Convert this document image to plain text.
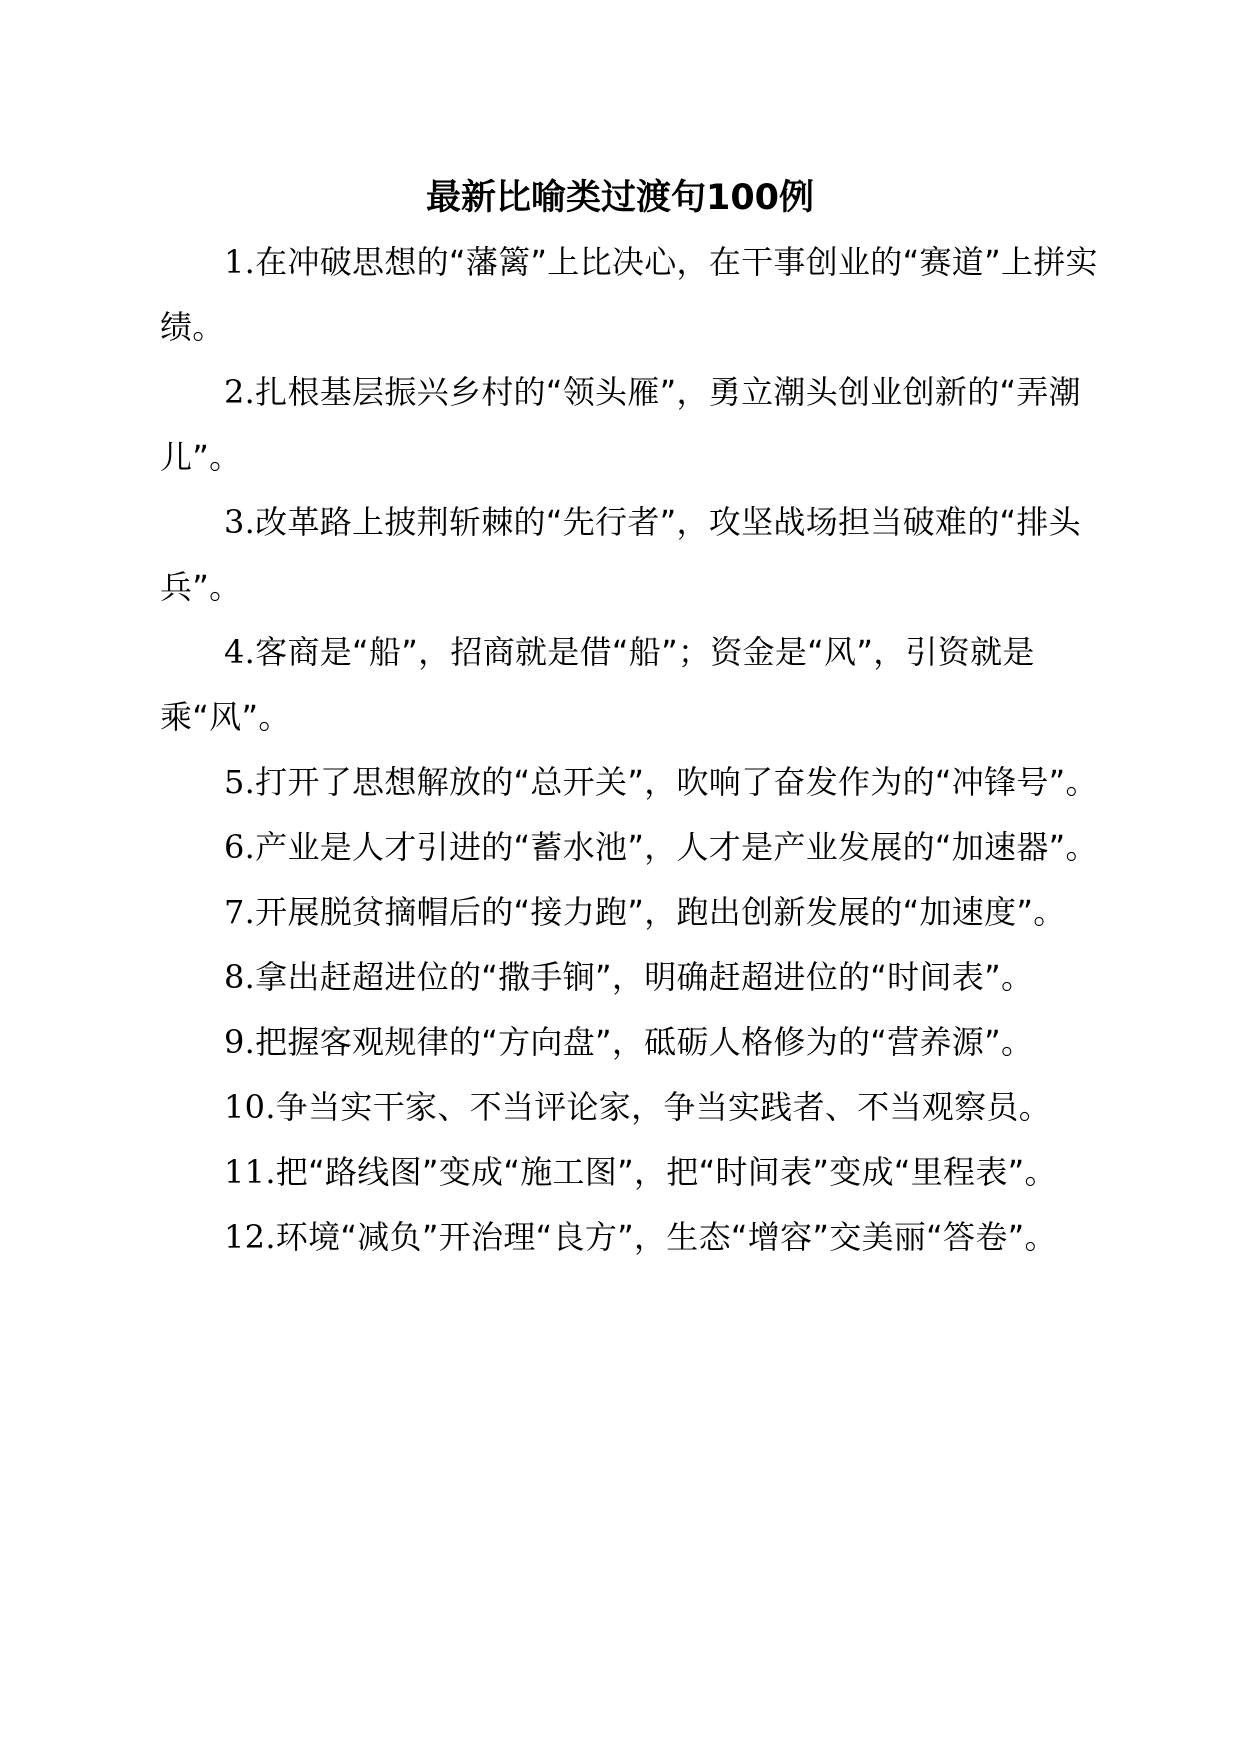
最新比喻类过渡句100例

1.在冲破思想的“藩篱”上比决心，在干事创业的“赛道”上拼实绩。

2.扎根基层振兴乡村的“领头雁”，勇立潮头创业创新的“弄潮儿”。

3.改革路上披荆斩棘的“先行者”，攻坚战场担当破难的“排头兵”。

4.客商是“船”，招商就是借“船”；资金是“风”，引资就是乘“风”。

5.打开了思想解放的“总开关”，吹响了奋发作为的“冲锋号”。

6.产业是人才引进的“蓄水池”，人才是产业发展的“加速器”。

7.开展脱贫摘帽后的“接力跑”，跑出创新发展的“加速度”。

8.拿出赶超进位的“撒手锏”，明确赶超进位的“时间表”。

9.把握客观规律的“方向盘”，砥砺人格修为的“营养源”。

10.争当实干家、不当评论家，争当实践者、不当观察员。

11.把“路线图”变成“施工图”，把“时间表”变成“里程表”。

12.环境“减负”开治理“良方”，生态“增容”交美丽“答卷”。
